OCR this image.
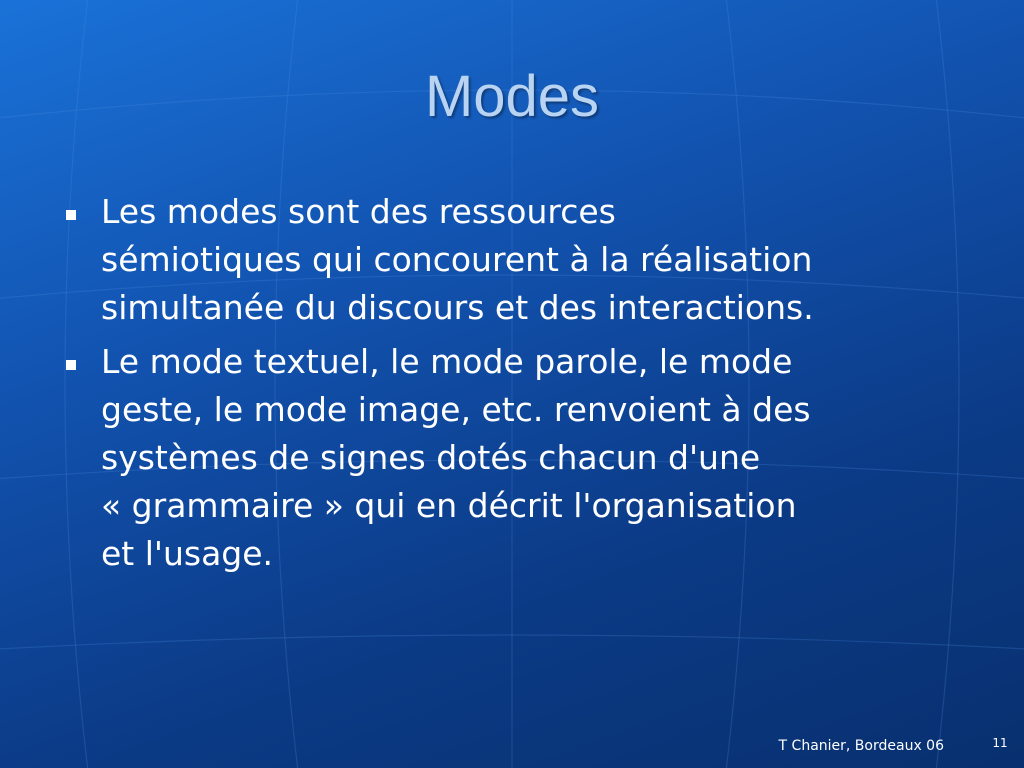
Modes
Les modes sont des ressources
sémiotiques qui concourent à la réalisation
simultanée du discours et des interactions.
Le mode textuel, le mode parole, le mode
geste, le mode image, etc. renvoient à des
systèmes de signes dotés chacun d'une
« grammaire » qui en décrit l'organisation
et l'usage.
T Chanier, Bordeaux 06	11
